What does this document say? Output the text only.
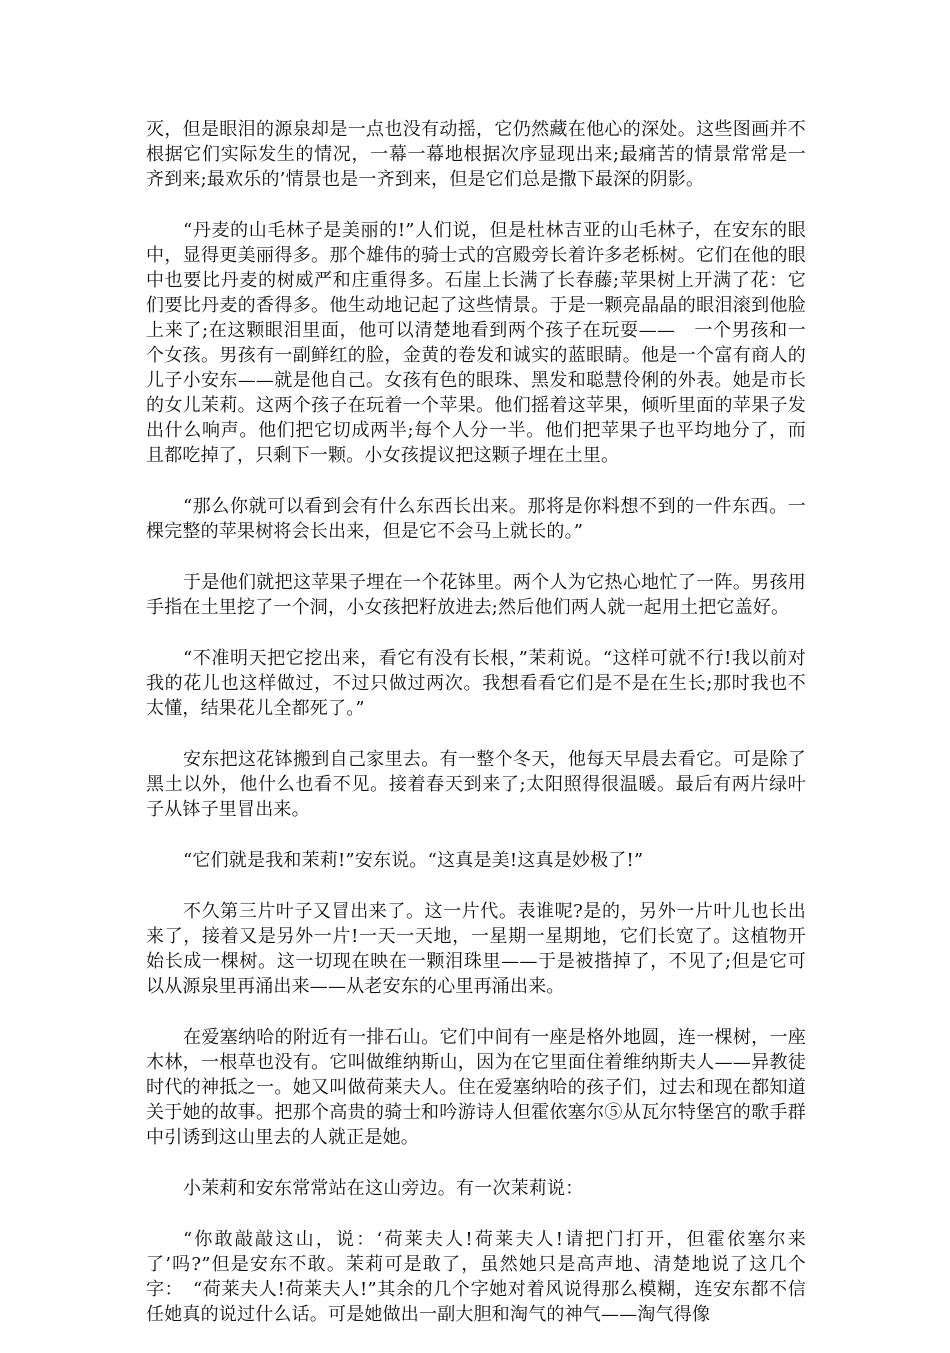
灭，但是眼泪的源泉却是一点也没有动摇，它仍然藏在他心的深处。这些图画并不根据它们实际发生的情况，一幕一幕地根据次序显现出来;最痛苦的情景常常是一齐到来;最欢乐的’情景也是一齐到来，但是它们总是撒下最深的阴影。

“丹麦的山毛林子是美丽的!”人们说，但是杜林吉亚的山毛林子，在安东的眼中，显得更美丽得多。那个雄伟的骑士式的宫殿旁长着许多老栎树。它们在他的眼中也要比丹麦的树威严和庄重得多。石崖上长满了长春藤;苹果树上开满了花：它们要比丹麦的香得多。他生动地记起了这些情景。于是一颗亮晶晶的眼泪滚到他脸上来了;在这颗眼泪里面，他可以清楚地看到两个孩子在玩耍——　一个男孩和一个女孩。男孩有一副鲜红的脸，金黄的卷发和诚实的蓝眼睛。他是一个富有商人的儿子小安东——就是他自己。女孩有色的眼珠、黑发和聪慧伶俐的外表。她是市长的女儿茉莉。这两个孩子在玩着一个苹果。他们摇着这苹果，倾听里面的苹果子发出什么响声。他们把它切成两半;每个人分一半。他们把苹果子也平均地分了，而且都吃掉了，只剩下一颗。小女孩提议把这颗子埋在土里。

“那么你就可以看到会有什么东西长出来。那将是你料想不到的一件东西。一棵完整的苹果树将会长出来，但是它不会马上就长的。”

于是他们就把这苹果子埋在一个花钵里。两个人为它热心地忙了一阵。男孩用手指在土里挖了一个洞，小女孩把籽放进去;然后他们两人就一起用土把它盖好。

“不准明天把它挖出来，看它有没有长根，”茉莉说。“这样可就不行!我以前对我的花儿也这样做过，不过只做过两次。我想看看它们是不是在生长;那时我也不太懂，结果花儿全都死了。”

安东把这花钵搬到自己家里去。有一整个冬天，他每天早晨去看它。可是除了黑土以外，他什么也看不见。接着春天到来了;太阳照得很温暖。最后有两片绿叶子从钵子里冒出来。

“它们就是我和茉莉!”安东说。“这真是美!这真是妙极了!”

不久第三片叶子又冒出来了。这一片代。表谁呢?是的，另外一片叶儿也长出来了，接着又是另外一片!一天一天地，一星期一星期地，它们长宽了。这植物开始长成一棵树。这一切现在映在一颗泪珠里——于是被揩掉了，不见了;但是它可以从源泉里再涌出来——从老安东的心里再涌出来。

在爱塞纳哈的附近有一排石山。它们中间有一座是格外地圆，连一棵树，一座木林，一根草也没有。它叫做维纳斯山，因为在它里面住着维纳斯夫人——异教徒时代的神抵之一。她又叫做荷莱夫人。住在爱塞纳哈的孩子们，过去和现在都知道关于她的故事。把那个高贵的骑士和吟游诗人但霍依塞尔⑤从瓦尔特堡宫的歌手群中引诱到这山里去的人就正是她。

小茉莉和安东常常站在这山旁边。有一次茉莉说：

“你敢敲敲这山，说：‘荷莱夫人!荷莱夫人!请把门打开，但霍依塞尔来了’吗?”但是安东不敢。茉莉可是敢了，虽然她只是高声地、清楚地说了这几个字：　“荷莱夫人!荷莱夫人!”其余的几个字她对着风说得那么模糊，连安东都不信任她真的说过什么话。可是她做出一副大胆和淘气的神气——淘气得像
